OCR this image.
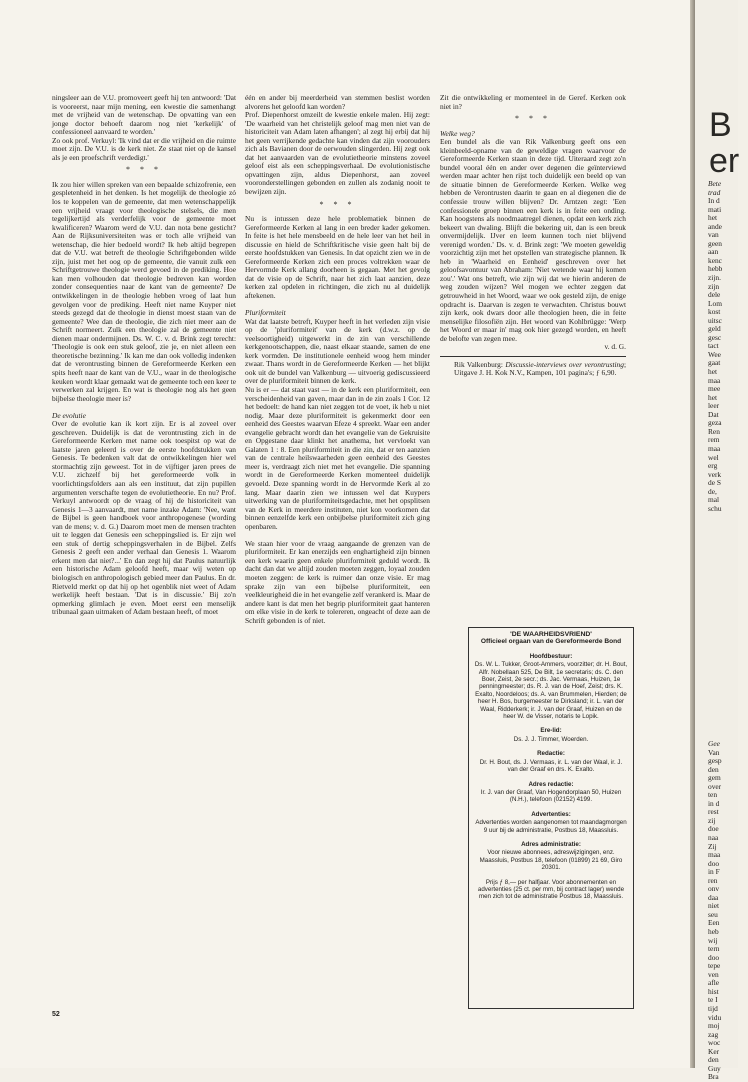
ningsleer aan de V.U. promoveert geeft hij ten antwoord: 'Dat is vooreerst, naar mijn mening, een kwestie die samenhangt met de vrijheid van de wetenschap. De opvatting van een jonge doctor behoeft daarom nog niet 'kerkelijk' of confessioneel aanvaard te worden.'

Zo ook prof. Verkuyl: 'Ik vind dat er die vrijheid en die ruimte moet zijn. De V.U. is de kerk niet. Ze staat niet op de kansel als je een proefschrift verdedigt.'

* * *

Ik zou hier willen spreken van een bepaalde schizofrenie, een gespletenheid in het denken. Is het mogelijk de theologie zó los te koppelen van de gemeente, dat men wetenschappelijk een vrijheid vraagt voor theologische stelsels, die men tegelijkertijd als verderfelijk voor de gemeente moet kwalificeren? Waarom werd de V.U. dan nota bene gesticht? Aan de Rijksuniversiteiten was er toch alle vrijheid van wetenschap, die hier bedoeld wordt? Ik heb altijd begrepen dat de V.U. wat betreft de theologie Schriftgebonden wilde zijn, juist met het oog op de gemeente, die vanuit zulk een Schriftgetrouwe theologie werd gevoed in de prediking. Hoe kan men volhouden dat theologie bedreven kan worden zonder consequenties naar de kant van de gemeente? De ontwikkelingen in de theologie hebben vroeg of laat hun gevolgen voor de prediking. Heeft niet name Kuyper niet steeds gezegd dat de theologie in dienst moest staan van de gemeente? Wee dan de theologie, die zich niet meer aan de Schrift normeert. Zulk een theologie zal de gemeente niet dienen maar ondermijnen. Ds. W. C. v. d. Brink zegt terecht: 'Theologie is ook een stuk geloof, zie je, en niet alleen een theoretische bezinning.' Ik kan me dan ook volledig indenken dat de verontrusting binnen de Gereformeerde Kerken een spits heeft naar de kant van de V.U., waar in de theologische keuken wordt klaar gemaakt wat de gemeente toch een keer te verwerken zal krijgen. En wat is theologie nog als het geen bijbelse theologie meer is?

De evolutie

Over de evolutie kan ik kort zijn. Er is al zoveel over geschreven. Duidelijk is dat de verontrusting zich in de Gereformeerde Kerken met name ook toespitst op wat de laatste jaren geleerd is over de eerste hoofdstukken van Genesis. Te bedenken valt dat de ontwikkelingen hier wel stormachtig zijn geweest. Tot in de vijftiger jaren prees de V.U. zichzelf bij het gereformeerde volk in voorlichtingsfolders aan als een instituut, dat zijn pupillen argumenten verschafte tegen de evolutietheorie. En nu? Prof. Verkuyl antwoordt op de vraag of hij de historiciteit van Genesis 1—3 aanvaardt, met name inzake Adam: 'Nee, want de Bijbel is geen handboek voor anthropogenese (wording van de mens; v. d. G.) Daarom moet men de mensen trachten uit te leggen dat Genesis een scheppingslied is. Er zijn wel een stuk of dertig scheppingsverhalen in de Bijbel. Zelfs Genesis 2 geeft een ander verhaal dan Genesis 1. Waarom erkent men dat niet?...' En dan zegt hij dat Paulus natuurlijk een historische Adam geloofd heeft, maar wij weten op biologisch en anthropologisch gebied meer dan Paulus. En dr. Rietveld merkt op dat hij op het ogenblik niet weet of Adam werkelijk heeft bestaan. 'Dat is in discussie.' Bij zo'n opmerking glimlach je even. Moet eerst een menselijk tribunaal gaan uitmaken of Adam bestaan heeft, of moet

één en ander bij meerderheid van stemmen beslist worden alvorens het geloofd kan worden?

Prof. Diepenhorst omzeilt de kwestie enkele malen. Hij zegt: 'De waarheid van het christelijk geloof mag men niet van de historiciteit van Adam laten afhangen'; al zegt hij erbij dat hij het geen verrijkende gedachte kan vinden dat zijn voorouders zich als Bavianen door de oerwouden slingerden. Hij zegt ook dat het aanvaarden van de evolutietheorie minstens zoveel geloof eist als een scheppingsverhaal. De evolutionistische opvattingen zijn, aldus Diepenhorst, aan zoveel vooronderstellingen gebonden en zullen als zodanig nooit te bewijzen zijn.

* * *

Nu is intussen deze hele problematiek binnen de Gereformeerde Kerken al lang in een breder kader gekomen. In feite is het hele mensbeeld en de hele leer van het heil in discussie en hield de Schriftkritische visie geen halt bij de eerste hoofdstukken van Genesis. In dat opzicht zien we in de Gereformeerde Kerken zich een proces voltrekken waar de Hervormde Kerk allang doorheen is gegaan. Met het gevolg dat de visie op de Schrift, naar het zich laat aanzien, deze kerken zal opdelen in richtingen, die zich nu al duidelijk aftekenen.

Pluriformiteit

Wat dat laatste betreft, Kuyper heeft in het verleden zijn visie op de 'pluriformiteit' van de kerk (d.w.z. op de veelsoortigheid) uitgewerkt in de zin van verschillende kerkgenootschappen, die, naast elkaar staande, samen de ene kerk vormden. De institutionele eenheid woog hem minder zwaar. Thans wordt in de Gereformeerde Kerken — het blijkt ook uit de bundel van Valkenburg — uitvoerig gediscussieerd over de pluriformiteit binnen de kerk.

Nu is er — dat staat vast — in de kerk een pluriformiteit, een verscheidenheid van gaven, maar dan in de zin zoals 1 Cor. 12 het bedoelt: de hand kan niet zeggen tot de voet, ik heb u niet nodig. Maar deze pluriformiteit is gekenmerkt door een eenheid des Geestes waarvan Efeze 4 spreekt. Waar een ander evangelie gebracht wordt dan het evangelie van de Gekruisite en Opgestane daar klinkt het anathema, het vervloekt van Galaten 1 : 8. Een pluriformiteit in die zin, dat er ten aanzien van de centrale heilswaarheden geen eenheid des Geestes meer is, verdraagt zich niet met het evangelie. Die spanning wordt in de Gereformeerde Kerken momenteel duidelijk gevoeld. Deze spanning wordt in de Hervormde Kerk al zo lang. Maar daarin zien we intussen wel dat Kuypers uitwerking van de pluriformiteitsgedachte, met het opsplitsen van de Kerk in meerdere instituten, niet kon voorkomen dat binnen eenzelfde kerk een onbijbelse pluriformiteit zich ging openbaren.

We staan hier voor de vraag aangaande de grenzen van de pluriformiteit. Er kan enerzijds een enghartigheid zijn binnen een kerk waarin geen enkele pluriformiteit geduld wordt. Ik dacht dan dat we altijd zouden moeten zeggen, loyaal zouden moeten zeggen: de kerk is ruimer dan onze visie. Er mag sprake zijn van een bijbelse pluriformiteit, een veelkleurigheid die in het evangelie zelf verankerd is. Maar de andere kant is dat men het begrip pluriformiteit gaat hanteren om elke visie in de kerk te tolereren, ongeacht of deze aan de Schrift gebonden is of niet.

Zit die ontwikkeling er momenteel in de Geref. Kerken ook niet in?

* * *

Welke weg?

Een bundel als die van Rik Valkenburg geeft ons een kleinbeeld-opname van de geweldige vragen waarvoor de Gereformeerde Kerken staan in deze tijd. Uiteraard zegt zo'n bundel vooral één en ander over degenen die geïnterviewd werden maar achter hen rijst toch duidelijk een beeld op van de situatie binnen de Gereformeerde Kerken. Welke weg hebben de Verontrusten daarin te gaan en al diegenen die de confessie trouw willen blijven? Dr. Arntzen zegt: 'Een confessionele groep binnen een kerk is in feite een onding. Kan hoogstens als noodmaatregel dienen, opdat een kerk zich bekeert van dwaling. Blijft die bekering uit, dan is een breuk onvermijdelijk. IJver en leem kunnen toch niet blijvend verenigd worden.' Ds. v. d. Brink zegt: 'We moeten geweldig voorzichtig zijn met het opstellen van strategische plannen. Ik heb in 'Waarheid en Eenheid' geschreven over het geloofsavontuur van Abraham: 'Niet wetende waar hij komen zou'.' Wat ons betreft, wie zijn wij dat we hierin anderen de weg zouden wijzen? Wel mogen we echter zeggen dat getrouwheid in het Woord, waar we ook gesteld zijn, de enige opdracht is. Daarvan is zegen te verwachten. Christus bouwt zijn kerk, ook dwars door alle theologien heen, die in feite menselijke filosofiën zijn. Het woord van Kohlbrügge: 'Werp het Woord er maar in' mag ook hier gezegd worden, en heeft de belofte van zegen mee.

v. d. G.

Rik Valkenburg: Discussie-interviews over verontrusting; Uitgave J. H. Kok N.V., Kampen, 101 pagina's; ƒ 6,90.

'DE WAARHEIDSVRIEND'
Officieel orgaan van de Gereformeerde Bond
Hoofdbestuur:
Ds. W. L. Tukker, Groot-Ammers, voorzitter; dr. H. Bout, Alfr. Nobellaan 525, De Bilt, 1e secretaris; ds. C. den Boer, Zeist, 2e secr.; ds. Jac. Vermaas, Huizen, 1e penningmeester; ds. R. J. van de Hoef, Zeist; drs. K. Exalto, Noordeloos; ds. A. van Brummelen, Hierden; de heer H. Bos, burgemeester te Dirksland; ir. L. van der Waal, Ridderkerk; ir. J. van der Graaf, Huizen en de heer W. de Visser, notaris te Lopik.
Ere-lid:
Ds. J. J. Timmer, Woerden.
Redactie:
Dr. H. Bout, ds. J. Vermaas, ir. L. van der Waal, ir. J. van der Graaf en drs. K. Exalto.
Adres redactie:
Ir. J. van der Graaf, Van Hogendorplaan 50, Huizen (N.H.), telefoon (02152) 4199.
Advertenties:
Advertenties worden aangenomen tot maandagmorgen 9 uur bij de administratie, Postbus 18, Maassluis.
Adres administratie:
Voor nieuwe abonnees, adreswijzigingen, enz. Maassluis, Postbus 18, telefoon (01899) 21 69, Giro 20301.
Prijs ƒ 8,— per halfjaar. Voor abonnementen en advertenties (25 ct. per mm, bij contract lager) wende men zich tot de administratie Postbus 18, Maassluis.
52
B
er
Bete
trad
In d
mati
het
ande
van
geen
aan
kenc
hebb
zijn.
zijn
dele
Lom
kost
uitsc
geld
gesc
tact
Wee
gaat
het
maa
mee
het
leer
Dat
geza
Ren
rem
maa
wel
erg
verk
de S
de,
mal
schu
Gee
Van
gesp
den
gem
over
ten
in d
rest
zij
doe
naa
Zij
maa
doo
in F
ren
onv
daa
niet
seu
Een
heb
wij
tern
doo
tepe
ven
afle
hist
te I
tijd
vidu
moj
zag
woc
Ker
den
Guy
Bra
